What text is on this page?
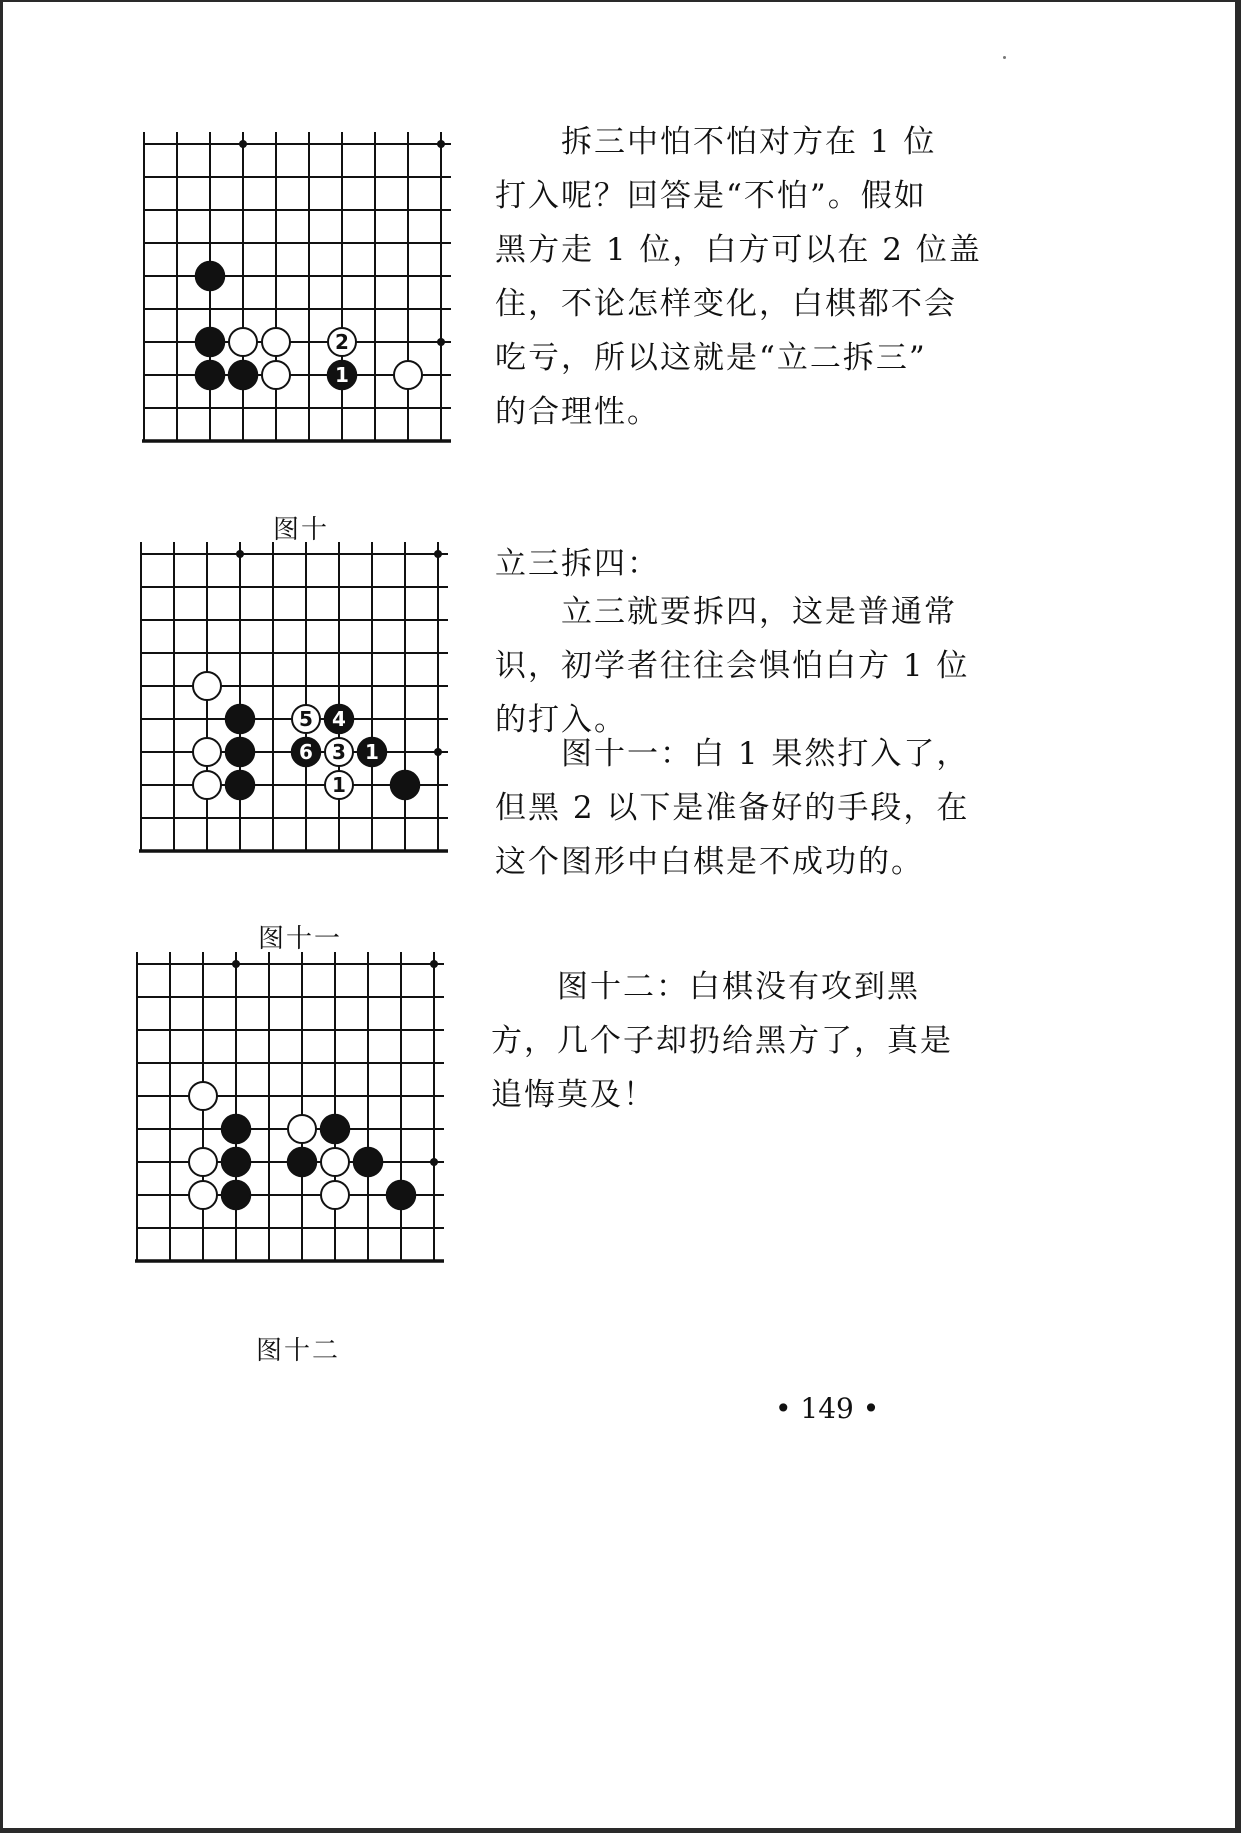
2
1
图十
5 4
6 3 1
1
图十一
图十二

　　拆三中怕不怕对方在 1 位

打入呢？回答是“不怕”。假如

黑方走 1 位，白方可以在 2 位盖

住，不论怎样变化，白棋都不会

吃亏，所以这就是“立二拆三”

的合理性。

立三拆四：

　　立三就要拆四，这是普通常

识，初学者往往会惧怕白方 1 位

的打入。

　　图十一：白 1 果然打入了，

但黑 2 以下是准备好的手段，在

这个图形中白棋是不成功的。

　　图十二：白棋没有攻到黑

方，几个子却扔给黑方了，真是

追悔莫及！

• 149 •
